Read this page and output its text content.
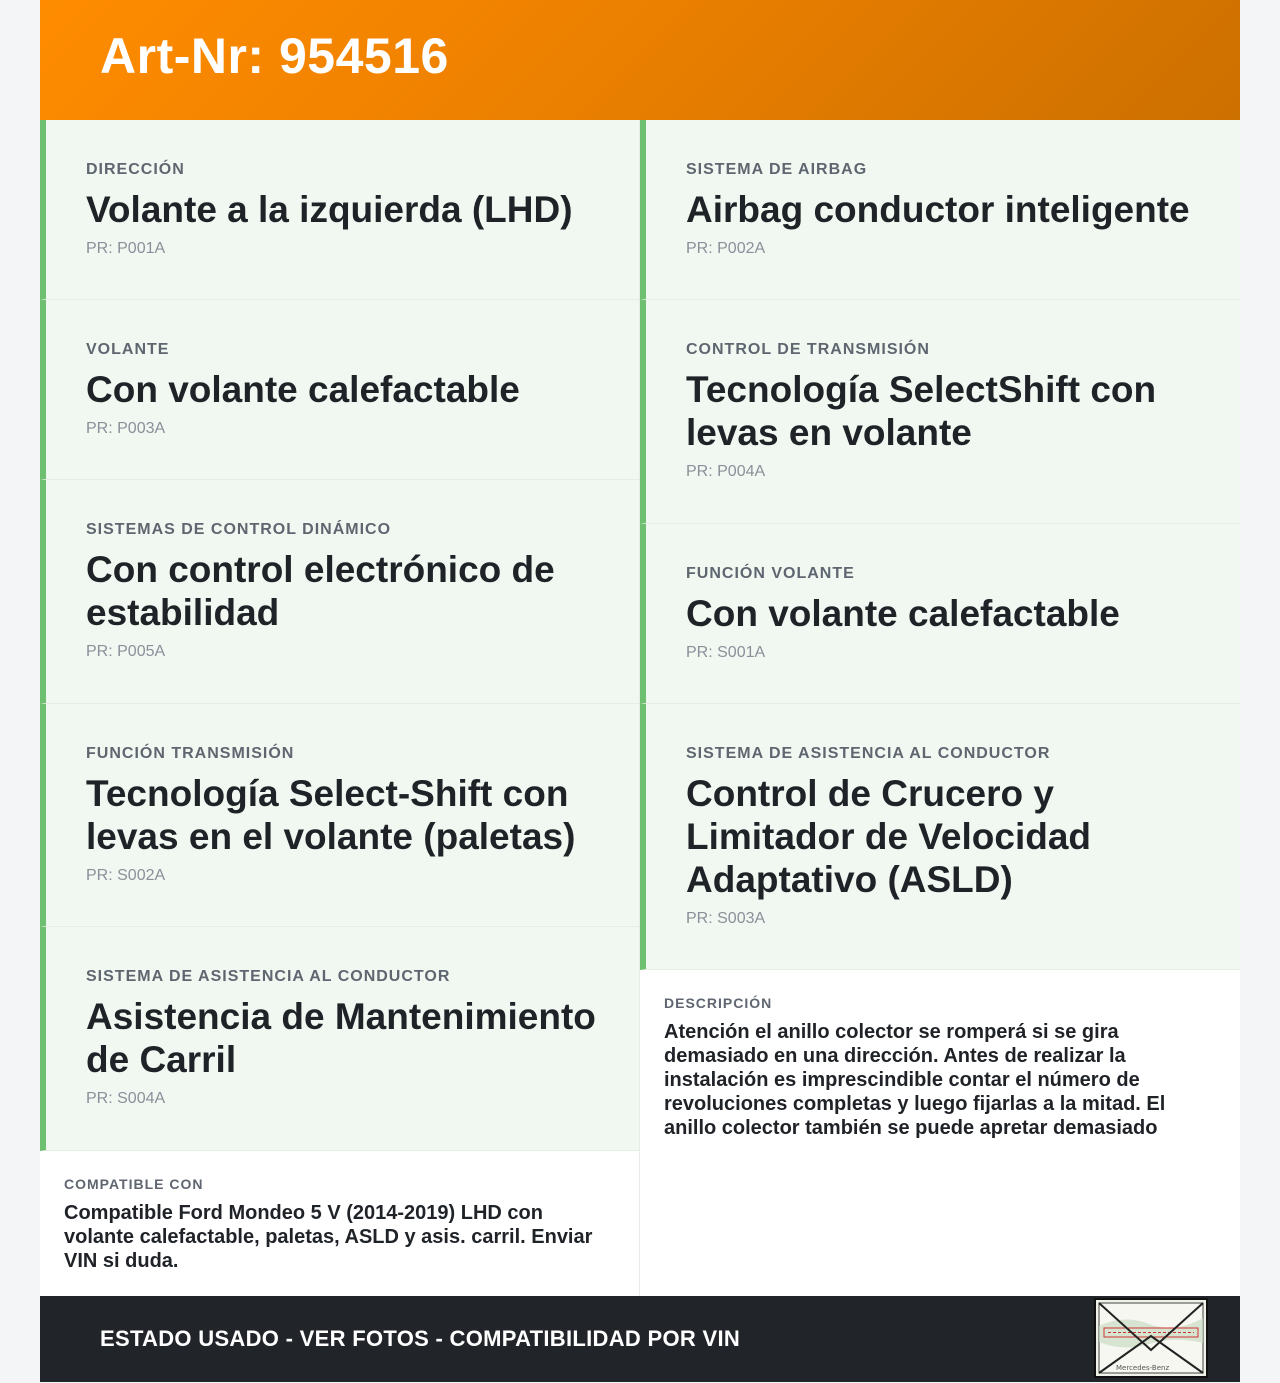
Art-Nr: 954516
DIRECCIÓN
Volante a la izquierda (LHD)
PR: P001A
VOLANTE
Con volante calefactable
PR: P003A
SISTEMAS DE CONTROL DINÁMICO
Con control electrónico de estabilidad
PR: P005A
FUNCIÓN TRANSMISIÓN
Tecnología Select-Shift con levas en el volante (paletas)
PR: S002A
SISTEMA DE ASISTENCIA AL CONDUCTOR
Asistencia de Mantenimiento de Carril
PR: S004A
SISTEMA DE AIRBAG
Airbag conductor inteligente
PR: P002A
CONTROL DE TRANSMISIÓN
Tecnología SelectShift con levas en volante
PR: P004A
FUNCIÓN VOLANTE
Con volante calefactable
PR: S001A
SISTEMA DE ASISTENCIA AL CONDUCTOR
Control de Crucero y Limitador de Velocidad Adaptativo (ASLD)
PR: S003A
COMPATIBLE CON
Compatible Ford Mondeo 5 V (2014-2019) LHD con volante calefactable, paletas, ASLD y asis. carril. Enviar VIN si duda.
DESCRIPCIÓN
Atención el anillo colector se romperá si se gira demasiado en una dirección. Antes de realizar la instalación es imprescindible contar el número de revoluciones completas y luego fijarlas a la mitad. El anillo colector también se puede apretar demasiado
ESTADO USADO - VER FOTOS - COMPATIBILIDAD POR VIN
Mercedes-Benz
